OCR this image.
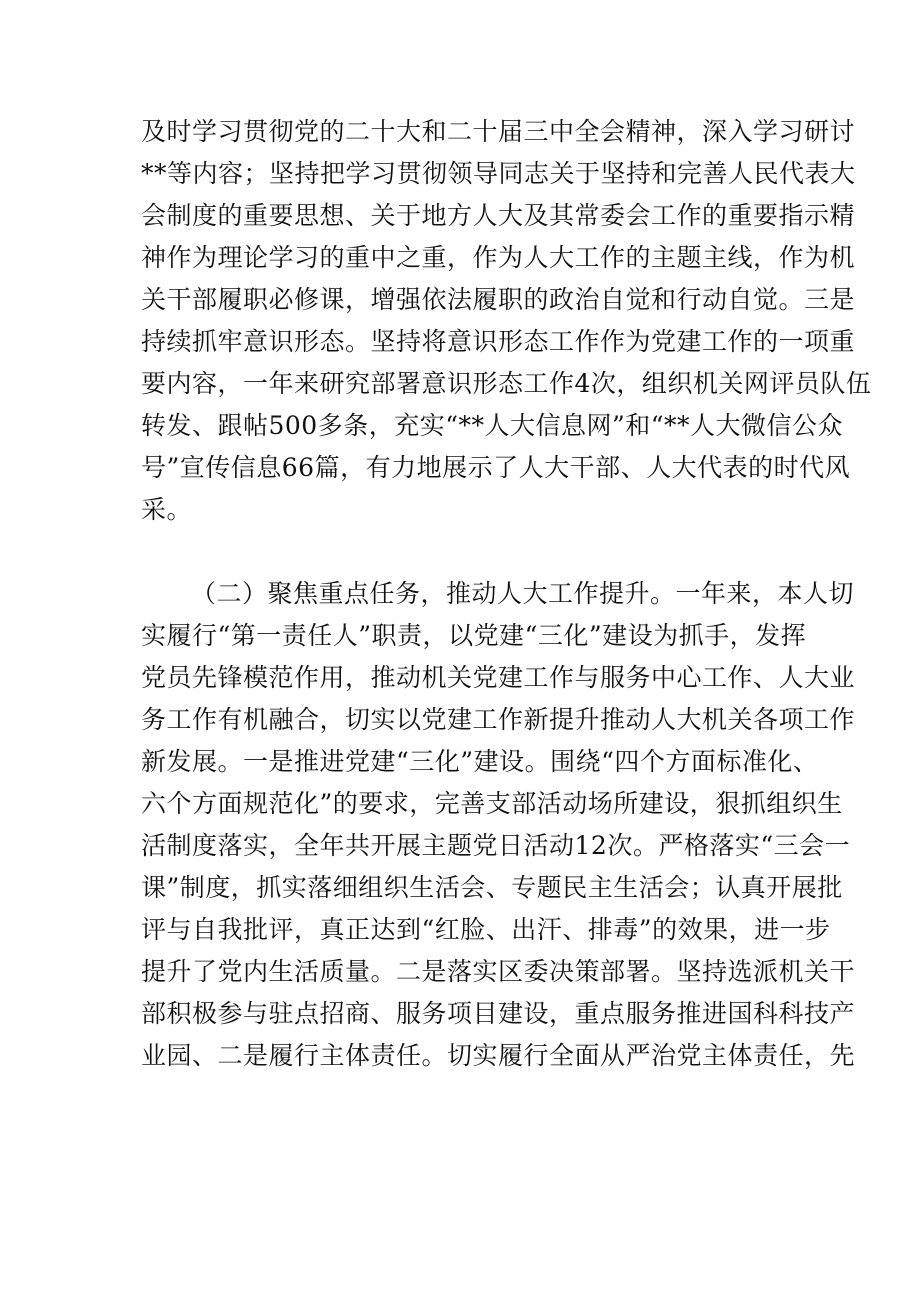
及时学习贯彻党的二十大和二十届三中全会精神，深入学习研讨
**等内容；坚持把学习贯彻领导同志关于坚持和完善人民代表大
会制度的重要思想、关于地方人大及其常委会工作的重要指示精
神作为理论学习的重中之重，作为人大工作的主题主线，作为机
关干部履职必修课，增强依法履职的政治自觉和行动自觉。三是
持续抓牢意识形态。坚持将意识形态工作作为党建工作的一项重
要内容，一年来研究部署意识形态工作4次，组织机关网评员队伍
转发、跟帖500多条，充实“**人大信息网”和“**人大微信公众
号”宣传信息66篇，有力地展示了人大干部、人大代表的时代风
采。
（二）聚焦重点任务，推动人大工作提升。一年来，本人切
实履行“第一责任人”职责，以党建“三化”建设为抓手，发挥
党员先锋模范作用，推动机关党建工作与服务中心工作、人大业
务工作有机融合，切实以党建工作新提升推动人大机关各项工作
新发展。一是推进党建“三化”建设。围绕“四个方面标准化、
六个方面规范化”的要求，完善支部活动场所建设，狠抓组织生
活制度落实，全年共开展主题党日活动12次。严格落实“三会一
课”制度，抓实落细组织生活会、专题民主生活会；认真开展批
评与自我批评，真正达到“红脸、出汗、排毒”的效果，进一步
提升了党内生活质量。二是落实区委决策部署。坚持选派机关干
部积极参与驻点招商、服务项目建设，重点服务推进国科科技产
业园、二是履行主体责任。切实履行全面从严治党主体责任，先
